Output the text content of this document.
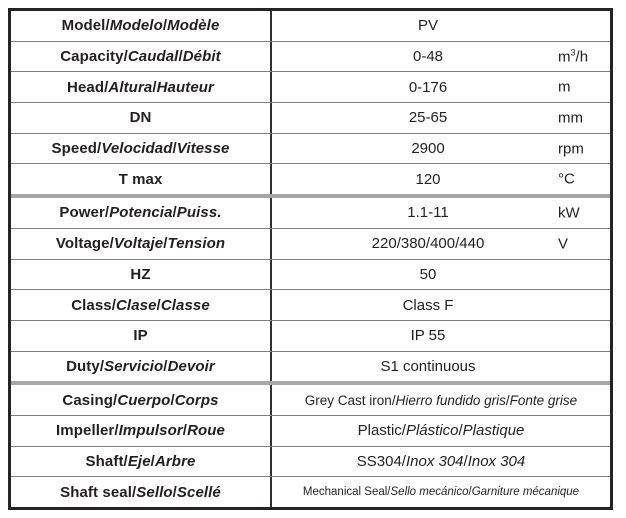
Model / Modelo / Modèle	PV
Capacity / Caudal / Débit	0-48	$m^3/h$
Head / Altura / Hauteur	0-176	m
DN	25-65	mm
Speed / Velocidad / Vitesse	2900	rpm
T max	120	°C
Power / Potencia / Puiss.	1.1-11	kW
Voltage / Voltaje / Tension	220/380/400/440	V
HZ	50
Class / Clase / Classe	Class F
IP	IP 55
Duty / Servicio / Devoir	S1 continuous
Casing / Cuerpo / Corps	Grey Cast iron/Hierro fundido gris/Fonte grise
Impeller / Impulsor / Roue	Plastic/Plástico/Plastique
Shaft / Eje / Arbre	SS304/Inox 304/Inox 304
Shaft seal / Sello / Scellé	Mechanical Seal/Sello mecánico/Garniture mécanique
